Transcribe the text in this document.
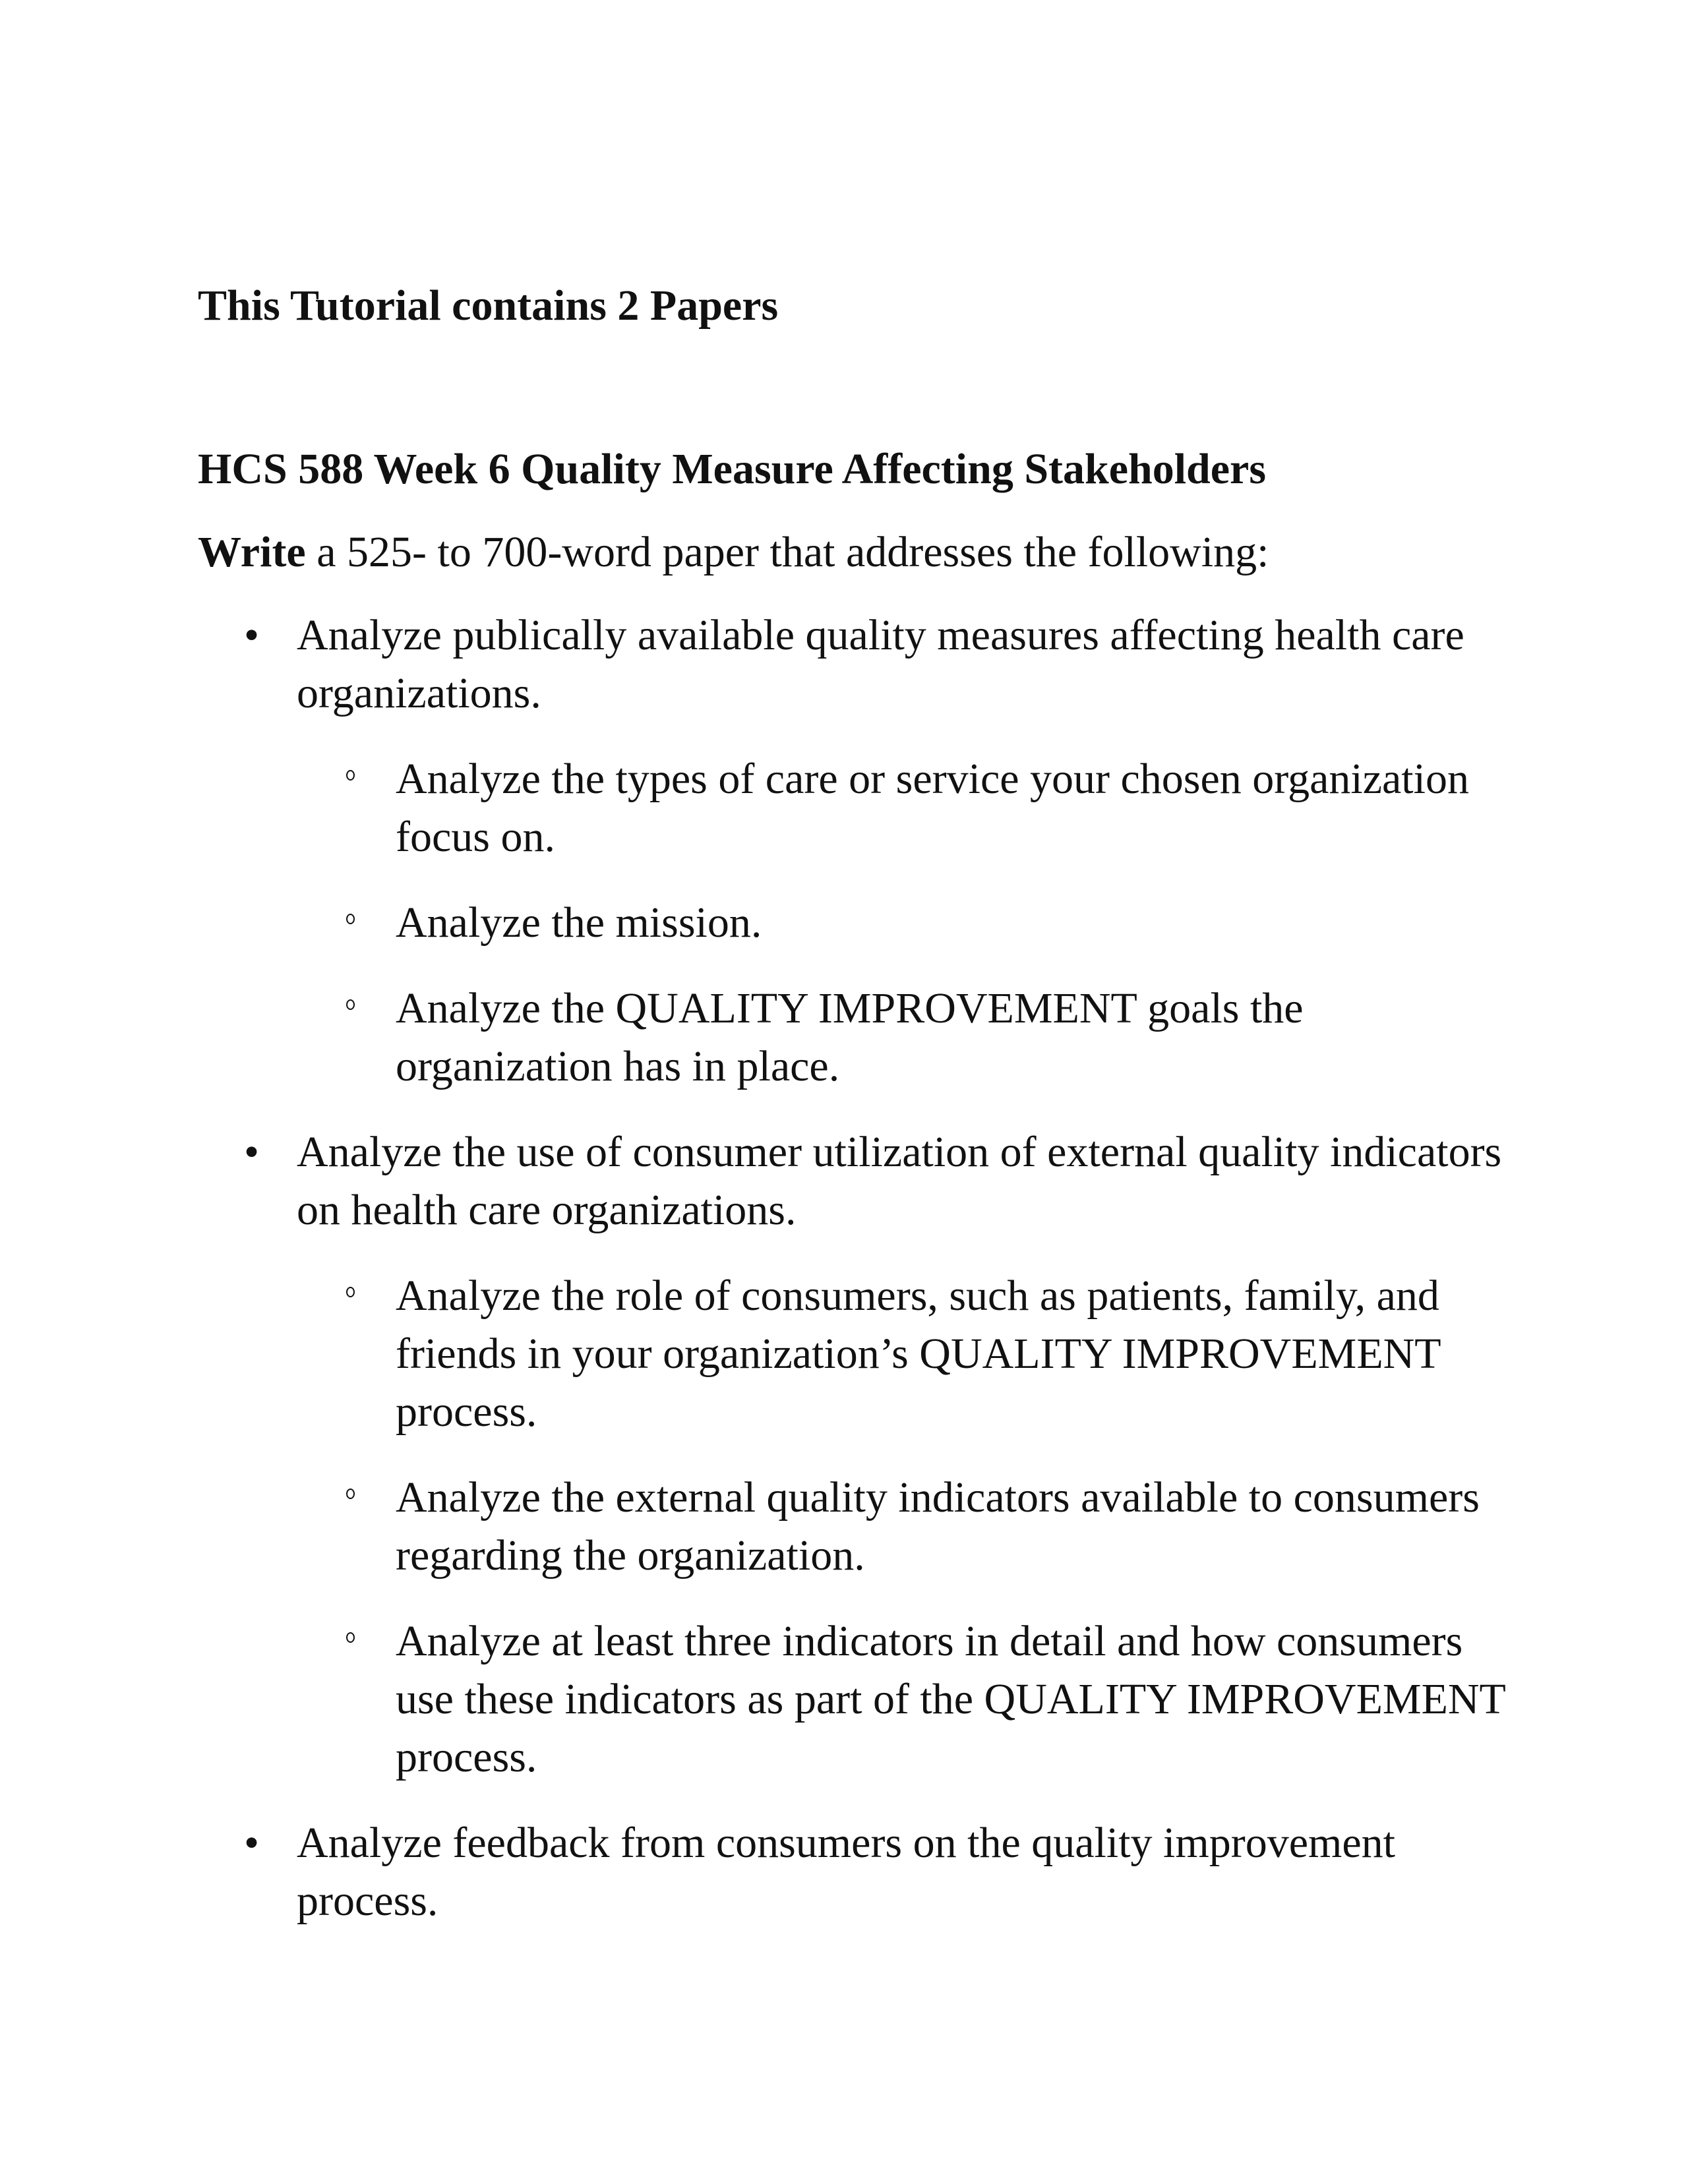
This Tutorial contains 2 Papers

HCS 588 Week 6 Quality Measure Affecting Stakeholders

Write a 525- to 700-word paper that addresses the following:

• Analyze publically available quality measures affecting health care organizations.
Analyze the types of care or service your chosen organization focus on.
Analyze the mission.
Analyze the QUALITY IMPROVEMENT goals the organization has in place.
• Analyze the use of consumer utilization of external quality indicators on health care organizations.
Analyze the role of consumers, such as patients, family, and friends in your organization’s QUALITY IMPROVEMENT process.
Analyze the external quality indicators available to consumers regarding the organization.
Analyze at least three indicators in detail and how consumers use these indicators as part of the QUALITY IMPROVEMENT process.
• Analyze feedback from consumers on the quality improvement process.
